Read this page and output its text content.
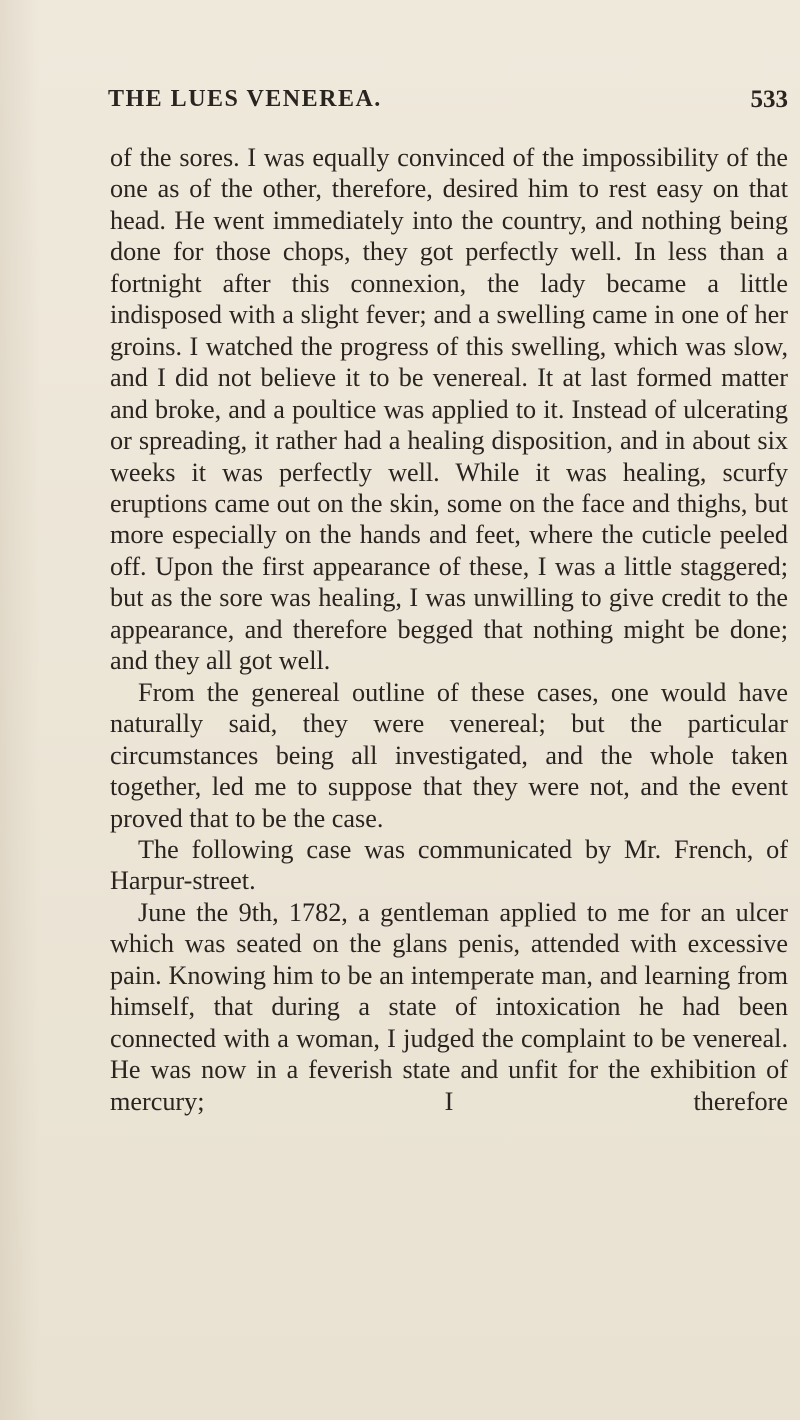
THE LUES VENEREA.	533

of the sores. I was equally convinced of the impossibility of the one as of the other, therefore, desired him to rest easy on that head. He went immediately into the country, and nothing being done for those chops, they got perfectly well. In less than a fortnight after this connexion, the lady became a little indisposed with a slight fever; and a swelling came in one of her groins. I watched the progress of this swelling, which was slow, and I did not believe it to be venereal. It at last formed matter and broke, and a poultice was applied to it. Instead of ulcerating or spreading, it rather had a healing disposition, and in about six weeks it was perfectly well. While it was healing, scurfy eruptions came out on the skin, some on the face and thighs, but more especially on the hands and feet, where the cuticle peeled off. Upon the first appearance of these, I was a little staggered; but as the sore was healing, I was unwilling to give credit to the appearance, and therefore begged that nothing might be done; and they all got well.

From the genereal outline of these cases, one would have naturally said, they were venereal; but the particular circumstances being all investigated, and the whole taken together, led me to suppose that they were not, and the event proved that to be the case.

The following case was communicated by Mr. French, of Harpur-street.

June the 9th, 1782, a gentleman applied to me for an ulcer which was seated on the glans penis, attended with excessive pain. Knowing him to be an intemperate man, and learning from himself, that during a state of intoxication he had been connected with a woman, I judged the complaint to be venereal. He was now in a feverish state and unfit for the exhibition of mercury; I therefore
